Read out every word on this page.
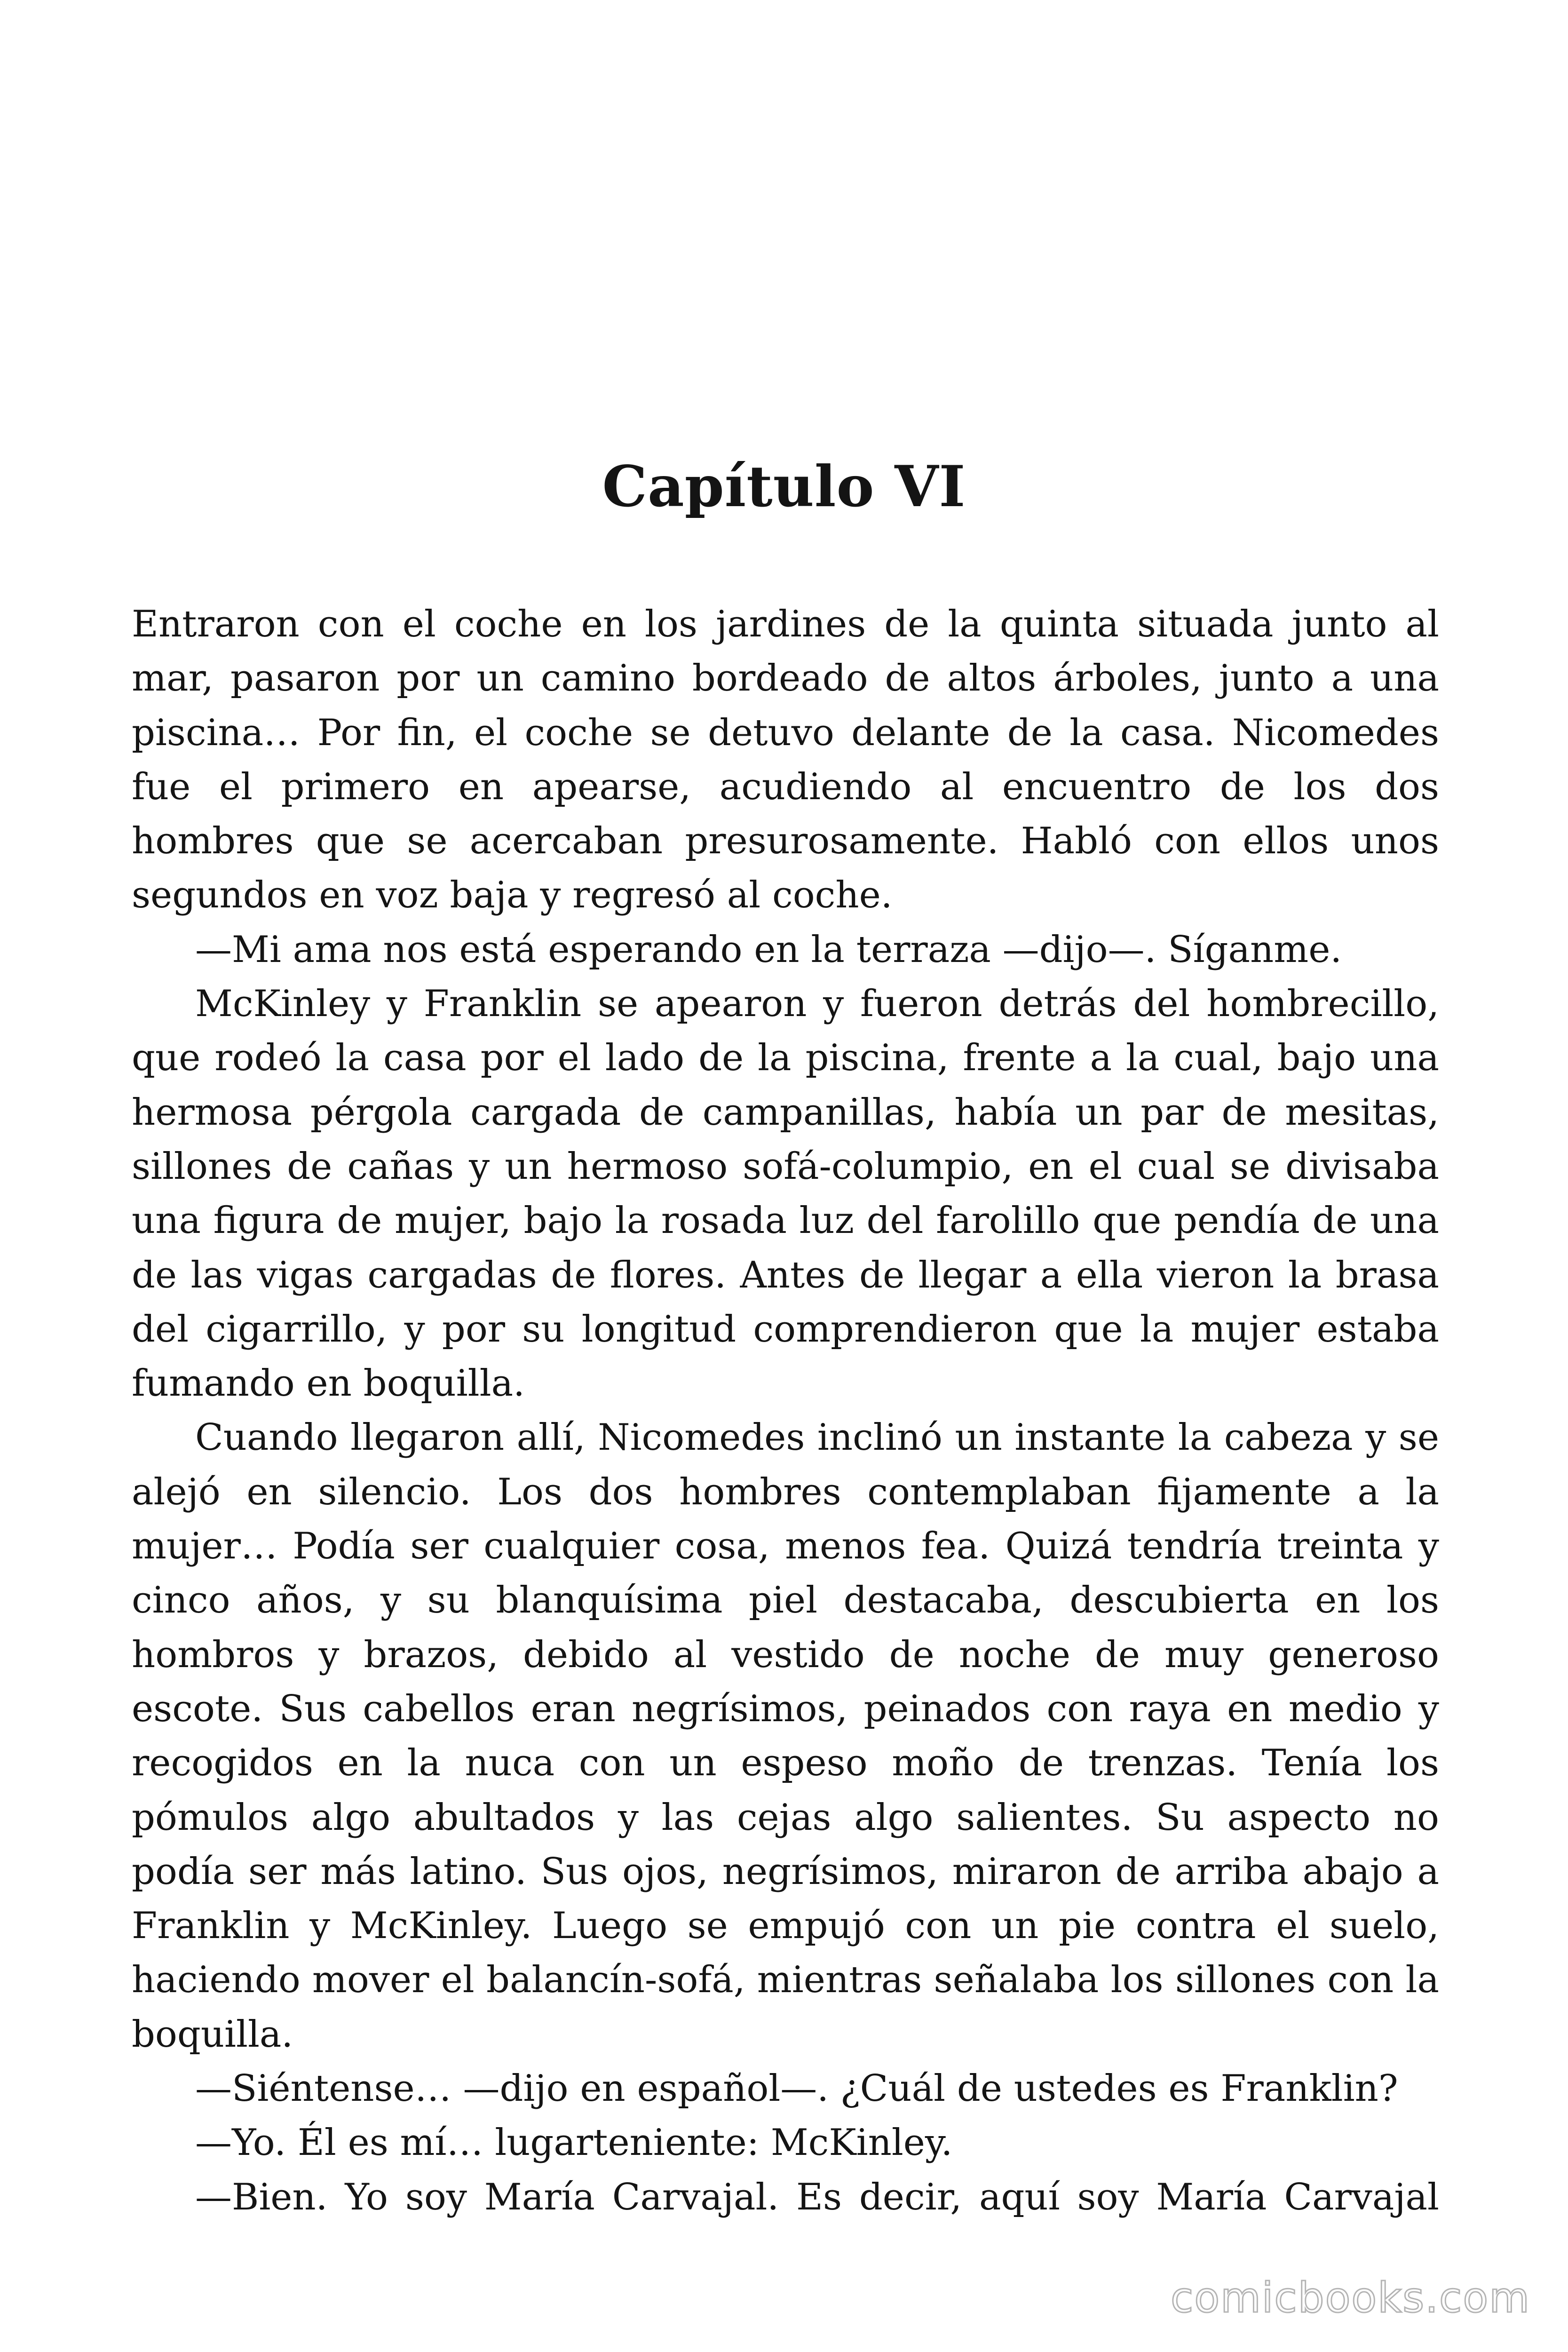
Capítulo VI

Entraron con el coche en los jardines de la quinta situada junto al mar, pasaron por un camino bordeado de altos árboles, junto a una piscina… Por fin, el coche se detuvo delante de la casa. Nicomedes fue el primero en apearse, acudiendo al encuentro de los dos hombres que se acercaban presurosamente. Habló con ellos unos segundos en voz baja y regresó al coche.

—Mi ama nos está esperando en la terraza —dijo—. Síganme.

McKinley y Franklin se apearon y fueron detrás del hombrecillo, que rodeó la casa por el lado de la piscina, frente a la cual, bajo una hermosa pérgola cargada de campanillas, había un par de mesitas, sillones de cañas y un hermoso sofá-columpio, en el cual se divisaba una figura de mujer, bajo la rosada luz del farolillo que pendía de una de las vigas cargadas de flores. Antes de llegar a ella vieron la brasa del cigarrillo, y por su longitud comprendieron que la mujer estaba fumando en boquilla.

Cuando llegaron allí, Nicomedes inclinó un instante la cabeza y se alejó en silencio. Los dos hombres contemplaban fijamente a la mujer… Podía ser cualquier cosa, menos fea. Quizá tendría treinta y cinco años, y su blanquísima piel destacaba, descubierta en los hombros y brazos, debido al vestido de noche de muy generoso escote. Sus cabellos eran negrísimos, peinados con raya en medio y recogidos en la nuca con un espeso moño de trenzas. Tenía los pómulos algo abultados y las cejas algo salientes. Su aspecto no podía ser más latino. Sus ojos, negrísimos, miraron de arriba abajo a Franklin y McKinley. Luego se empujó con un pie contra el suelo, haciendo mover el balancín-sofá, mientras señalaba los sillones con la boquilla.

—Siéntense… —dijo en español—. ¿Cuál de ustedes es Franklin?

—Yo. Él es mí… lugarteniente: McKinley.

—Bien. Yo soy María Carvajal. Es decir, aquí soy María Carvajal

comicbooks.com
